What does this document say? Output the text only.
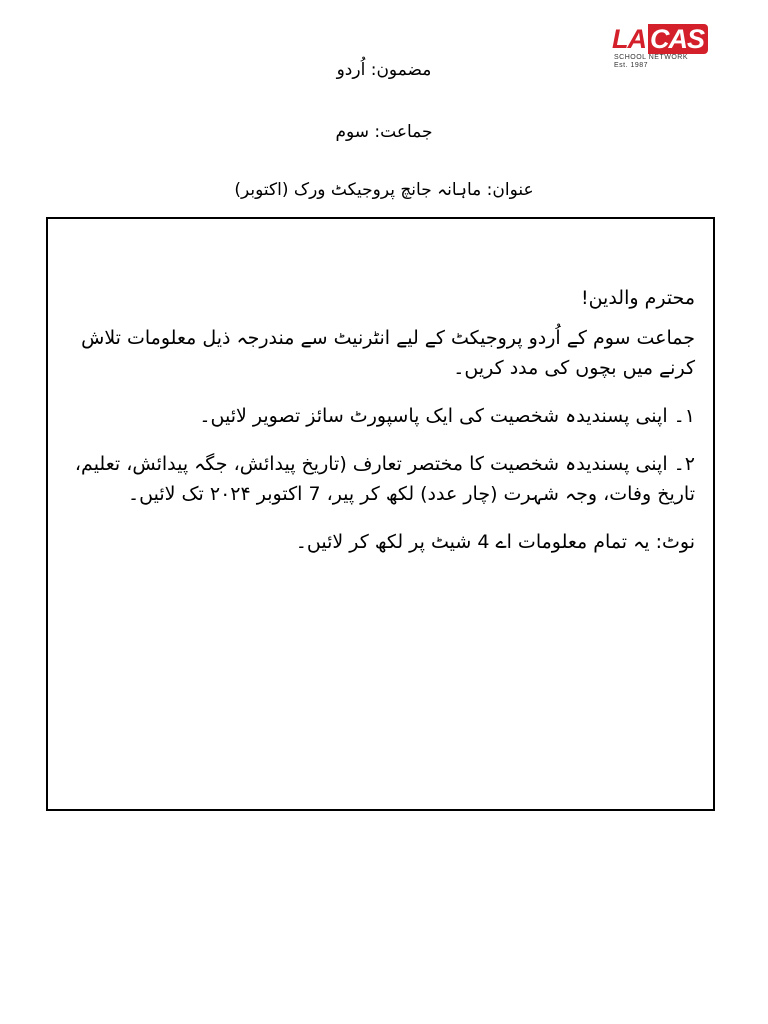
LA CAS
SCHOOL NETWORK
Est. 1987
مضمون: اُردو
جماعت: سوم
عنوان: ماہانہ جانچ پروجیکٹ ورک (اکتوبر)

محترم والدین!

جماعت سوم کے اُردو پروجیکٹ کے لیے انٹرنیٹ سے مندرجہ ذیل معلومات تلاش کرنے میں بچوں کی مدد کریں۔

۱۔ اپنی پسندیدہ شخصیت کی ایک پاسپورٹ سائز تصویر لائیں۔

۲۔ اپنی پسندیدہ شخصیت کا مختصر تعارف (تاریخ پیدائش، جگہ پیدائش، تعلیم، تاریخ وفات، وجہ شہرت (چار عدد) لکھ کر پیر، 7 اکتوبر ۲۰۲۴ تک لائیں۔

نوٹ: یہ تمام معلومات اے 4 شیٹ پر لکھ کر لائیں۔
